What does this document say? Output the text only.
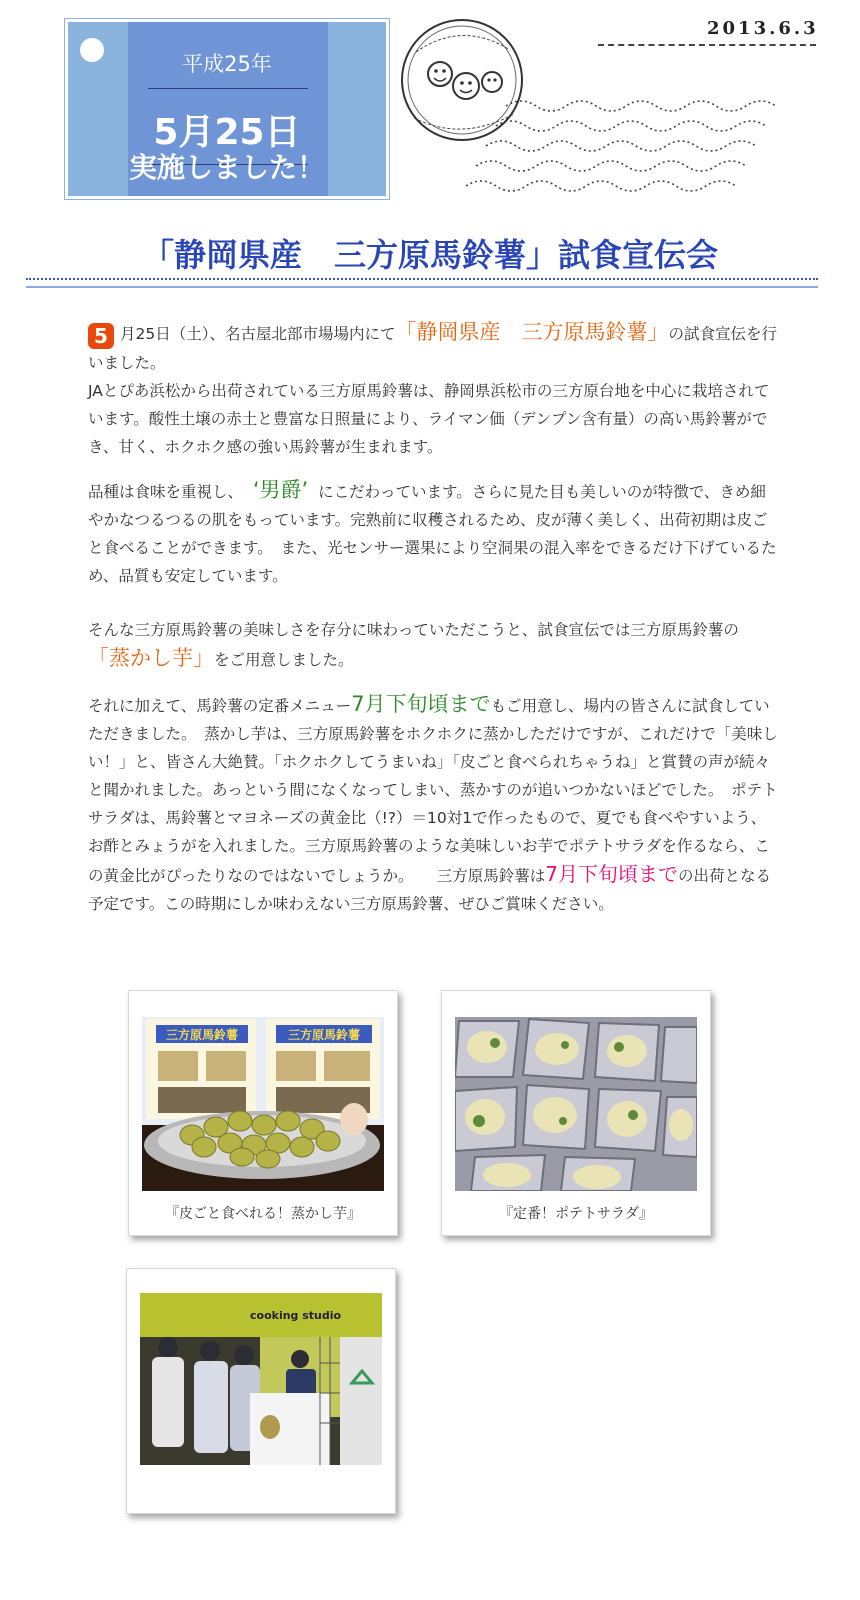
2013.6.3
平成25年
5月25日
実施しました！
「静岡県産　三方原馬鈴薯」試食宣伝会

5 月25日（土）、名古屋北部市場場内にて「静岡県産　三方原馬鈴薯」の試食宣伝を行いました。
JAとぴあ浜松から出荷されている三方原馬鈴薯は、静岡県浜松市の三方原台地を中心に栽培されています。酸性土壌の赤土と豊富な日照量により、ライマン価（デンプン含有量）の高い馬鈴薯ができ、甘く、ホクホク感の強い馬鈴薯が生まれます。

品種は食味を重視し、 ‘男爵’ にこだわっています。さらに見た目も美しいのが特徴で、きめ細やかなつるつるの肌をもっています。完熟前に収穫されるため、皮が薄く美しく、出荷初期は皮ごと食べることができます。　また、光センサー選果により空洞果の混入率をできるだけ下げているため、品質も安定しています。

そんな三方原馬鈴薯の美味しさを存分に味わっていただこうと、試食宣伝では三方原馬鈴薯の「蒸かし芋」をご用意しました。

それに加えて、馬鈴薯の定番メニュー7月下旬頃までもご用意し、場内の皆さんに試食していただきました。　蒸かし芋は、三方原馬鈴薯をホクホクに蒸かしただけですが、これだけで「美味しい！」と、皆さん大絶賛。「ホクホクしてうまいね」「皮ごと食べられちゃうね」と賞賛の声が続々と聞かれました。あっという間になくなってしまい、蒸かすのが追いつかないほどでした。　ポテトサラダは、馬鈴薯とマヨネーズの黄金比（!?）＝10対1で作ったもので、夏でも食べやすいよう、お酢とみょうがを入れました。三方原馬鈴薯のような美味しいお芋でポテトサラダを作るなら、この黄金比がぴったりなのではないでしょうか。　　三方原馬鈴薯は7月下旬頃までの出荷となる予定です。この時期にしか味わえない三方原馬鈴薯、ぜひご賞味ください。

三方原馬鈴薯	三方原馬鈴薯
『皮ごと食べれる！蒸かし芋』	『定番！ポテトサラダ』
cooking studio
